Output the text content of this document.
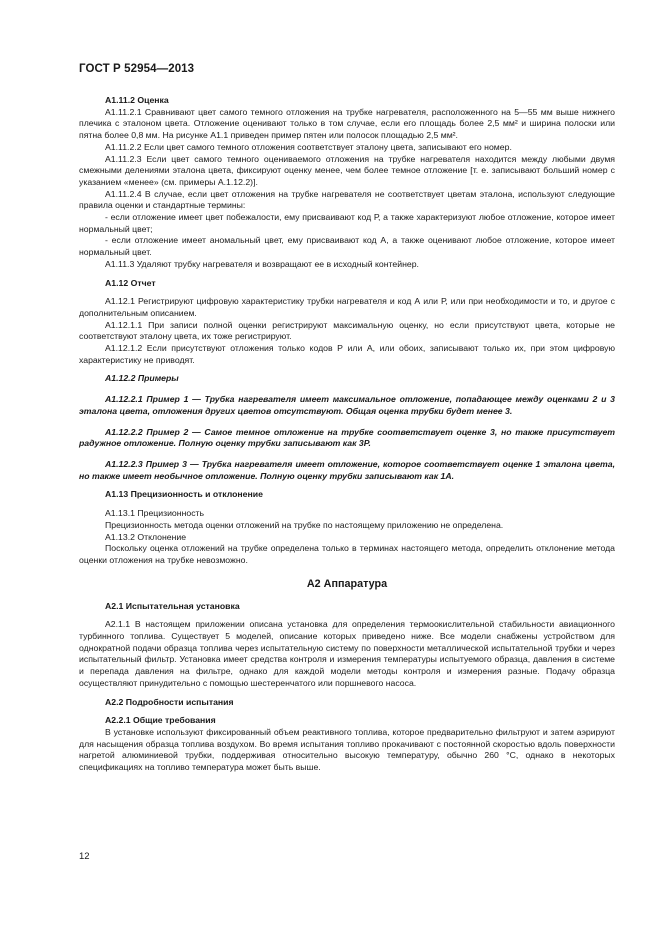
ГОСТ Р 52954—2013

А1.11.2 Оценка

А1.11.2.1 Сравнивают цвет самого темного отложения на трубке нагревателя, расположенного на 5—55 мм выше нижнего плечика с эталоном цвета. Отложение оценивают только в том случае, если его площадь более 2,5 мм² и ширина полоски или пятна более 0,8 мм. На рисунке А1.1 приведен пример пятен или полосок площадью 2,5 мм².

А1.11.2.2 Если цвет самого темного отложения соответствует эталону цвета, записывают его номер.

А1.11.2.3 Если цвет самого темного оцениваемого отложения на трубке нагревателя находится между любыми двумя смежными делениями эталона цвета, фиксируют оценку менее, чем более темное отложение [т. е. записывают больший номер с указанием «менее» (см. примеры А.1.12.2)].

А1.11.2.4 В случае, если цвет отложения на трубке нагревателя не соответствует цветам эталона, используют следующие правила оценки и стандартные термины:

- если отложение имеет цвет побежалости, ему присваивают код Р, а также характеризуют любое отложение, которое имеет нормальный цвет;

- если отложение имеет аномальный цвет, ему присваивают код А, а также оценивают любое отложение, которое имеет нормальный цвет.

А1.11.3 Удаляют трубку нагревателя и возвращают ее в исходный контейнер.

А1.12 Отчет

А1.12.1 Регистрируют цифровую характеристику трубки нагревателя и код А или Р, или при необходимости и то, и другое с дополнительным описанием.

А1.12.1.1 При записи полной оценки регистрируют максимальную оценку, но если присутствуют цвета, которые не соответствуют эталону цвета, их тоже регистрируют.

А1.12.1.2 Если присутствуют отложения только кодов Р или А, или обоих, записывают только их, при этом цифровую характеристику не приводят.

А1.12.2 Примеры

А1.12.2.1 Пример 1 — Трубка нагревателя имеет максимальное отложение, попадающее между оценками 2 и 3 эталона цвета, отложения других цветов отсутствуют. Общая оценка трубки будет менее 3.

А1.12.2.2 Пример 2 — Самое темное отложение на трубке соответствует оценке 3, но также присутствует радужное отложение. Полную оценку трубки записывают как 3Р.

А1.12.2.3 Пример 3 — Трубка нагревателя имеет отложение, которое соответствует оценке 1 эталона цвета, но также имеет необычное отложение. Полную оценку трубки записывают как 1А.

А1.13 Прецизионность и отклонение

А1.13.1 Прецизионность

Прецизионность метода оценки отложений на трубке по настоящему приложению не определена.

А1.13.2 Отклонение

Поскольку оценка отложений на трубке определена только в терминах настоящего метода, определить отклонение метода оценки отложения на трубке невозможно.

А2 Аппаратура

А2.1 Испытательная установка

А2.1.1 В настоящем приложении описана установка для определения термоокислительной стабильности авиационного турбинного топлива. Существует 5 моделей, описание которых приведено ниже. Все модели снабжены устройством для однократной подачи образца топлива через испытательную систему по поверхности металлической испытательной трубки и через испытательный фильтр. Установка имеет средства контроля и измерения температуры испытуемого образца, давления в системе и перепада давления на фильтре, однако для каждой модели методы контроля и измерения разные. Подачу образца осуществляют принудительно с помощью шестеренчатого или поршневого насоса.

А2.2 Подробности испытания

А2.2.1 Общие требования

В установке используют фиксированный объем реактивного топлива, которое предварительно фильтруют и затем аэрируют для насыщения образца топлива воздухом. Во время испытания топливо прокачивают с постоянной скоростью вдоль поверхности нагретой алюминиевой трубки, поддерживая относительно высокую температуру, обычно 260 °С, однако в некоторых спецификациях на топливо температура может быть выше.

12
